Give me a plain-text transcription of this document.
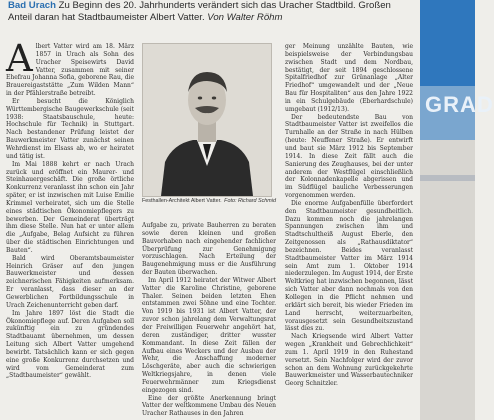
Bad Urach Zu Beginn des 20. Jahrhunderts verändert sich das Uracher Stadtbild. Großen Anteil daran hat Stadtbaumeister Albert Vatter. Von Walter Röhm

Albert Vatter wird am 18. März 1857 in Urach als Sohn des Uracher Speisewirts David Vatter, zusammen mit seiner Ehefrau Johanna Sofia, geborene Rau, die Brauereigaststätte „Zum Wilden Mann“ in der Pfählerstraße betreibt.

Er besucht die Königlich Württembergische Baugewerkschule (seit 1938: Staatsbauschule, heute: Hochschule für Technik) in Stuttgart. Nach bestandener Prüfung leistet der Bauwerkmeister Vatter zunächst seinen Wehrdienst im Elsass ab, wo er heiratet und tätig ist.

Im Mai 1888 kehrt er nach Urach zurück und eröffnet ein Maurer- und Steinhauergeschäft. Die große örtliche Konkurrenz veranlasst ihn schon ein Jahr später, er ist inzwischen mit Luise Emilie Krimmel verheiratet, sich um die Stelle eines städtischen Ökonomiepflegers zu bewerben. Der Gemeinderat überträgt ihm diese Stelle. Nun hat er unter allem die „Aufgabe, Belag Aufsicht zu führen über die städtischen Einrichtungen und Bauten“.

Bald wird Oberamtsbaumeister Heinrich Gräser auf den jungen Bauwerkmeister und dessen zeichnerischen Fähigkeiten aufmerksam. Er veranlasst, dass dieser an der Gewerblichen Fortbildungsschule in Urach Zeichenunterricht geben darf.

Im Jahre 1897 löst die Stadt die Ökonomiepflege auf. Deren Aufgaben soll zukünftig ein zu gründendes Stadtbauamt übernehmen, um dessen Leitung sich Albert Vatter umgehend bewirbt. Tatsächlich kann er sich gegen eine große Konkurrenz durchsetzen und wird vom Gemeinderat zum „Stadtbaumeister“ gewählt.

Festhallen-Architekt Albert Vatter. Foto: Richard Schmid

Aufgabe zu, private Bauherren zu beraten sowie deren kleinen und großen Bauvorhaben nach eingehender fachlicher Überprüfung zur Genehmigung vorzuschlagen. Nach Erteilung der Baugenehmigung muss er die Ausführung der Bauten überwachen.

Im April 1912 heiratet der Witwer Albert Vatter die Karoline Christine, geborene Thaler. Seinen beiden letzten Ehen entstammen zwei Söhne und eine Tochter. Von 1919 bis 1931 ist Albert Vatter, der zuvor schon jahrelang dem Verwaltungsrat der Freiwilligen Feuerwehr angehört hat, deren zuständiger, dritter wusster Kommandant. In diese Zeit fällen der Aufbau eines Weckers und der Ausbau der Wehr, die Anschaffung moderner Löschgeräte, aber auch die schwierigen Weltkriegsjahre, in denen viele Feuerwehrmänner zum Kriegsdienst eingezogen sind.

Eine der größte Anerkennung bringt Vatter der weltkommene Umbau des Neuen Uracher Rathauses in den Jahren

ger Meinung unzählte Bauten, wie beispielsweise der Verbindungsbau zwischen Stadt und dem Nordbau, bestätigt, der seit 1894 geschlossene Spitalfriedhof zur Grünanlage „Alter Friedhof“ umgewandelt und der „Neue Bau für Hospitaliten“ aus den Jahre 1922 in ein Schulgebäude (Eberhardschule) umgebaut (1912/13).

Der bedeutendste Bau von Stadtbaumeister Vatter ist zweifellos die Turnhalle an der Straße in nach Hülben (heute: Neuffener Straße). Er entwirft und baut sie März 1912 bis September 1914. In diese Zeit fällt auch die Sanierung des Zeughauses, bei der unter anderem der Westflügel einschließlich der Kolonnadenkapelle abgerissen und im Südflügel bauliche Verbesserungen vorgenommen werden.

Die enorme Aufgabenfülle überfordert den Stadtbaumeister gesundheitlich. Dazu kommen noch die jahrelangen Spannungen zwischen ihm und Stadtschultheiß August Eberle, den Zeitgenossen als „Rathausdiktator“ bezeichnen. Beides veranlasst Stadtbaumeister Vatter im März 1914 sein Amt zum 1. Oktober 1914 niederzulegen. Im August 1914, der Erste Weltkrieg hat inzwischen begonnen, lässt sich Vatter aber dann nochmals von den Kollegen in die Pflicht nehmen und erklärt sich bereit, bis wieder Frieden im Land herrscht, weiterzuarbeiten, vorausgesetzt sein Gesundheitszustand lässt dies zu.

Nach Kriegsende wird Albert Vatter wegen „Krankheit und Gebrechlichkeit“ zum 1. April 1919 in den Ruhestand versetzt. Sein Nachfolger wird der zuvor schon an dem Wohnung zurückgekehrte Bauwerkmeister und Wasserbautechniker Georg Schnitzler.

GRAD
